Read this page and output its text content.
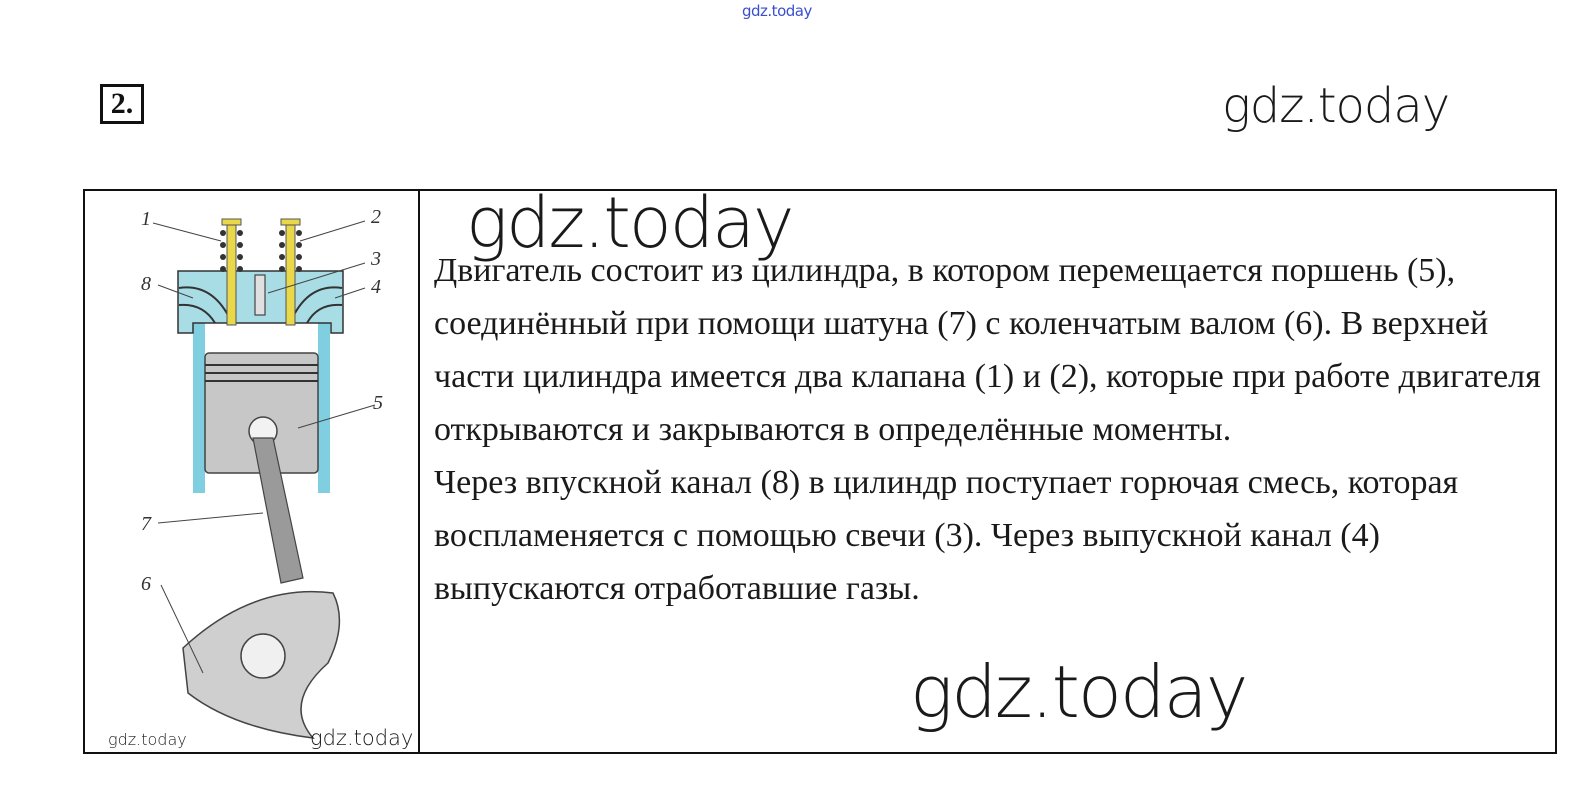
gdz.today
2.	gdz.today
1	2
3
4
5
6
7
8
gdz.today	gdz.today

Двигатель состоит из цилиндра, в котором перемещается поршень (5), соединённый при помощи шатуна (7) с коленчатым валом (6). В верхней части цилиндра имеется два клапана (1) и (2), которые при работе двигателя открываются и закрываются в определённые моменты.

Через впускной канал (8) в цилиндр поступает горючая смесь, которая воспламеняется с помощью свечи (3). Через выпускной канал (4) выпускаются отработавшие газы.

gdz.today
gdz.today
